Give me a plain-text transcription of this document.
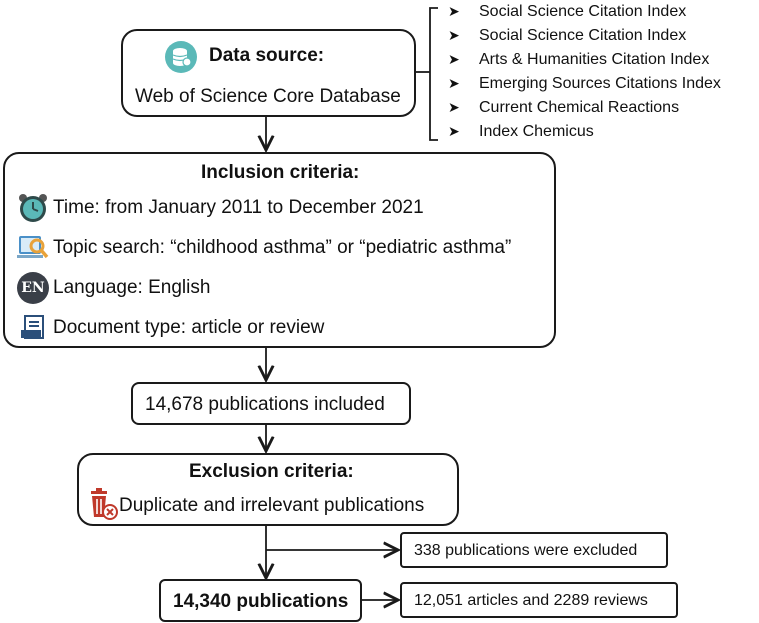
Data source:
Web of Science Core Database
➤ Social Science Citation Index
➤ Social Science Citation Index
➤ Arts & Humanities Citation Index
➤ Emerging Sources Citations Index
➤ Current Chemical Reactions
➤ Index Chemicus
Inclusion criteria:
Time: from January 2011 to December 2021
Topic search: “childhood asthma” or “pediatric asthma”
EN Language: English
Document type: article or review
14,678 publications included
Exclusion criteria:
Duplicate and irrelevant publications
338 publications were excluded
14,340 publications	12,051 articles and 2289 reviews
